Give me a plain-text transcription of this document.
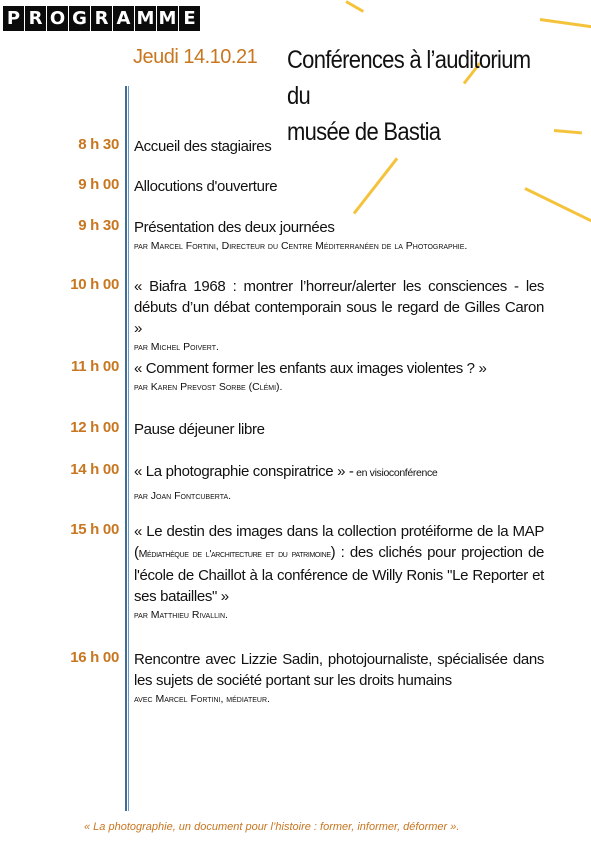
P R O G R A M M E
Jeudi 14.10.21 Conférences à l’auditorium du
musée de Bastia
8 h 30 Accueil des stagiaires
9 h 00 Allocutions d'ouverture
9 h 30 Présentation des deux journées
par Marcel Fortini, Directeur du Centre Méditerranéen de la Photographie.
10 h 00 « Biafra 1968 : montrer l’horreur/alerter les consciences - les débuts d’un débat contemporain sous le regard de Gilles Caron »
par Michel Poivert.
11 h 00 « Comment former les enfants aux images violentes ? »
par Karen Prevost Sorbe (Clémi).
12 h 00 Pause déjeuner libre
14 h 00 « La photographie conspiratrice » - en visioconférence
par Joan Fontcuberta.
15 h 00 « Le destin des images dans la collection protéiforme de la MAP (Médiathèque de l'architecture et du patrimoine) : des clichés pour projection de l'école de Chaillot à la conférence de Willy Ronis "Le Reporter et ses batailles" »
par Matthieu Rivallin.
16 h 00 Rencontre avec Lizzie Sadin, photojournaliste, spécialisée dans les sujets de société portant sur les droits humains
avec Marcel Fortini, médiateur.
« La photographie, un document pour l’histoire : former, informer, déformer ».
